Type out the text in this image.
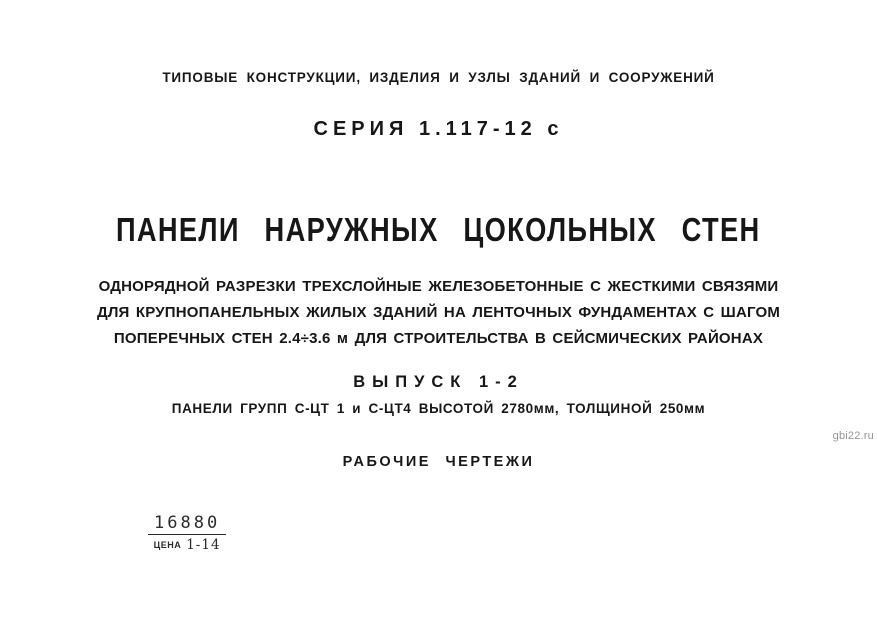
ТИПОВЫЕ КОНСТРУКЦИИ, ИЗДЕЛИЯ И УЗЛЫ ЗДАНИЙ И СООРУЖЕНИЙ
СЕРИЯ 1.117-12 с
ПАНЕЛИ НАРУЖНЫХ ЦОКОЛЬНЫХ СТЕН
ОДНОРЯДНОЙ РАЗРЕЗКИ ТРЕХСЛОЙНЫЕ ЖЕЛЕЗОБЕТОННЫЕ С ЖЕСТКИМИ СВЯЗЯМИ
ДЛЯ КРУПНОПАНЕЛЬНЫХ ЖИЛЫХ ЗДАНИЙ НА ЛЕНТОЧНЫХ ФУНДАМЕНТАХ С ШАГОМ
ПОПЕРЕЧНЫХ СТЕН 2.4÷3.6 м ДЛЯ СТРОИТЕЛЬСТВА В СЕЙСМИЧЕСКИХ РАЙОНАХ
ВЫПУСК 1-2
ПАНЕЛИ ГРУПП С-ЦТ 1 и С-ЦТ4 ВЫСОТОЙ 2780мм, ТОЛЩИНОЙ 250мм
РАБОЧИЕ ЧЕРТЕЖИ
16880
ЦЕНА 1-14
gbi22.ru
